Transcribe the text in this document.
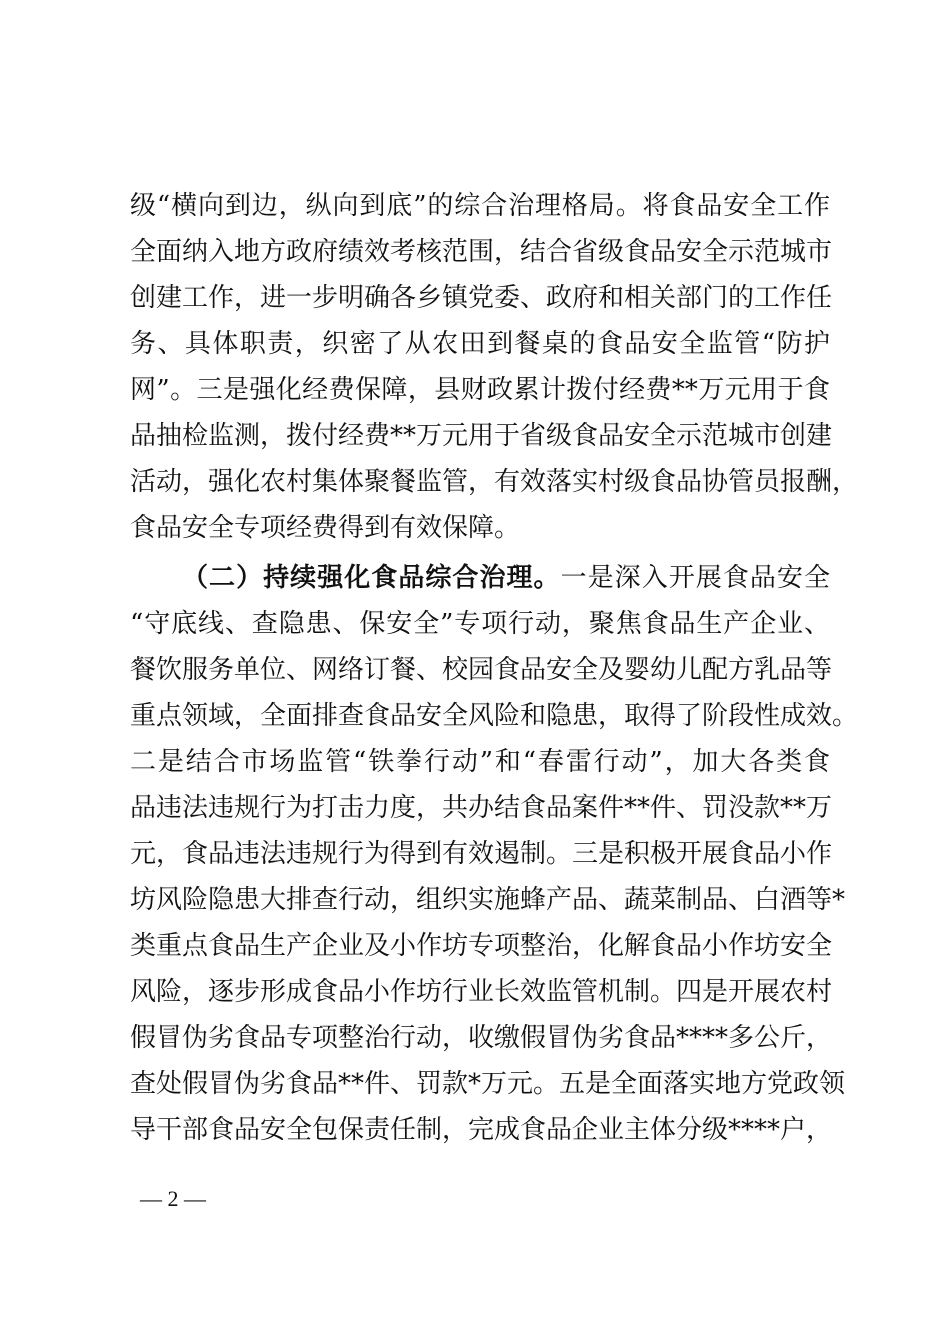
级“横向到边，纵向到底”的综合治理格局。将食品安全工作
全面纳入地方政府绩效考核范围，结合省级食品安全示范城市
创建工作，进一步明确各乡镇党委、政府和相关部门的工作任
务、具体职责，织密了从农田到餐桌的食品安全监管“防护
网”。三是强化经费保障，县财政累计拨付经费**万元用于食
品抽检监测，拨付经费**万元用于省级食品安全示范城市创建
活动，强化农村集体聚餐监管，有效落实村级食品协管员报酬，
食品安全专项经费得到有效保障。
（二）持续强化食品综合治理。一是深入开展食品安全
“守底线、查隐患、保安全”专项行动，聚焦食品生产企业、
餐饮服务单位、网络订餐、校园食品安全及婴幼儿配方乳品等
重点领域，全面排查食品安全风险和隐患，取得了阶段性成效。
二是结合市场监管“铁拳行动”和“春雷行动”，加大各类食
品违法违规行为打击力度，共办结食品案件**件、罚没款**万
元，食品违法违规行为得到有效遏制。三是积极开展食品小作
坊风险隐患大排查行动，组织实施蜂产品、蔬菜制品、白酒等*
类重点食品生产企业及小作坊专项整治，化解食品小作坊安全
风险，逐步形成食品小作坊行业长效监管机制。四是开展农村
假冒伪劣食品专项整治行动，收缴假冒伪劣食品****多公斤，
查处假冒伪劣食品**件、罚款*万元。五是全面落实地方党政领
导干部食品安全包保责任制，完成食品企业主体分级****户，
— 2 —
